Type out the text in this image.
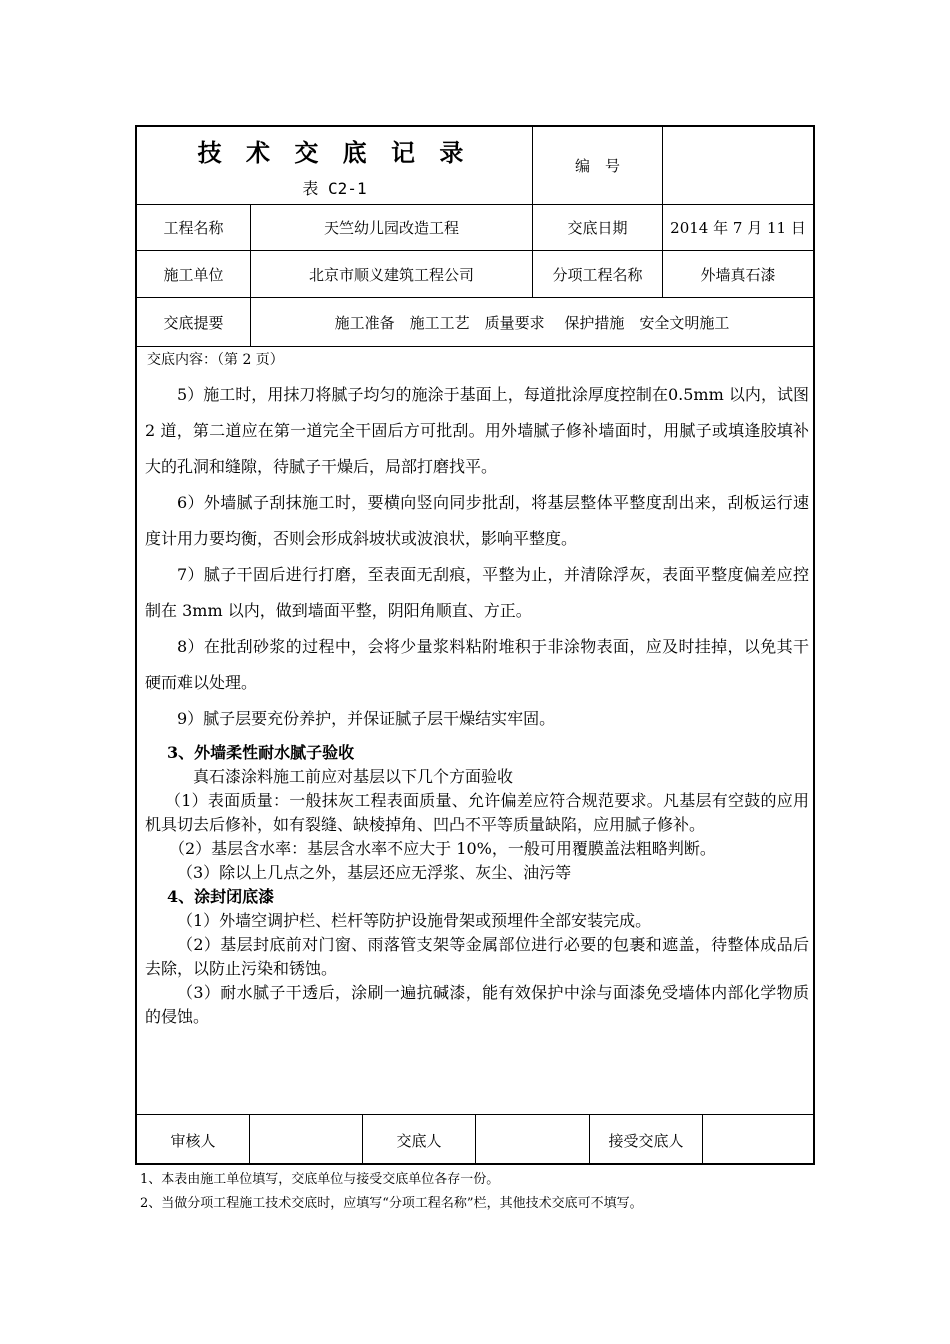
技 术 交 底 记 录
表 C2-1
编　号
工程名称	天竺幼儿园改造工程	交底日期	2014 年 7 月 11 日
施工单位	北京市顺义建筑工程公司	分项工程名称	外墙真石漆
交底提要	施工准备　施工工艺　质量要求　 保护措施　安全文明施工
交底内容：（第 2 页）

5）施工时，用抹刀将腻子均匀的施涂于基面上，每道批涂厚度控制在0.5mm 以内，试图 2 道，第二道应在第一道完全干固后方可批刮。用外墙腻子修补墙面时，用腻子或填逢胶填补大的孔洞和缝隙，待腻子干燥后，局部打磨找平。

6）外墙腻子刮抹施工时，要横向竖向同步批刮，将基层整体平整度刮出来，刮板运行速度计用力要均衡，否则会形成斜坡状或波浪状，影响平整度。

7）腻子干固后进行打磨，至表面无刮痕，平整为止，并清除浮灰，表面平整度偏差应控制在 3mm 以内，做到墙面平整，阴阳角顺直、方正。

8）在批刮砂浆的过程中，会将少量浆料粘附堆积于非涂物表面，应及时挂掉，以免其干硬而难以处理。

9）腻子层要充份养护，并保证腻子层干燥结实牢固。

3、外墙柔性耐水腻子验收

真石漆涂料施工前应对基层以下几个方面验收

（1）表面质量：一般抹灰工程表面质量、允许偏差应符合规范要求。凡基层有空鼓的应用机具切去后修补，如有裂缝、缺棱掉角、凹凸不平等质量缺陷，应用腻子修补。

（2）基层含水率：基层含水率不应大于 10%，一般可用覆膜盖法粗略判断。

（3）除以上几点之外，基层还应无浮浆、灰尘、油污等

4、涂封闭底漆

（1）外墙空调护栏、栏杆等防护设施骨架或预埋件全部安装完成。

（2）基层封底前对门窗、雨落管支架等金属部位进行必要的包裹和遮盖，待整体成品后去除，以防止污染和锈蚀。

（3）耐水腻子干透后，涂刷一遍抗碱漆，能有效保护中涂与面漆免受墙体内部化学物质的侵蚀。

审核人	交底人	接受交底人
1、本表由施工单位填写，交底单位与接受交底单位各存一份。
2、当做分项工程施工技术交底时，应填写“分项工程名称”栏，其他技术交底可不填写。
